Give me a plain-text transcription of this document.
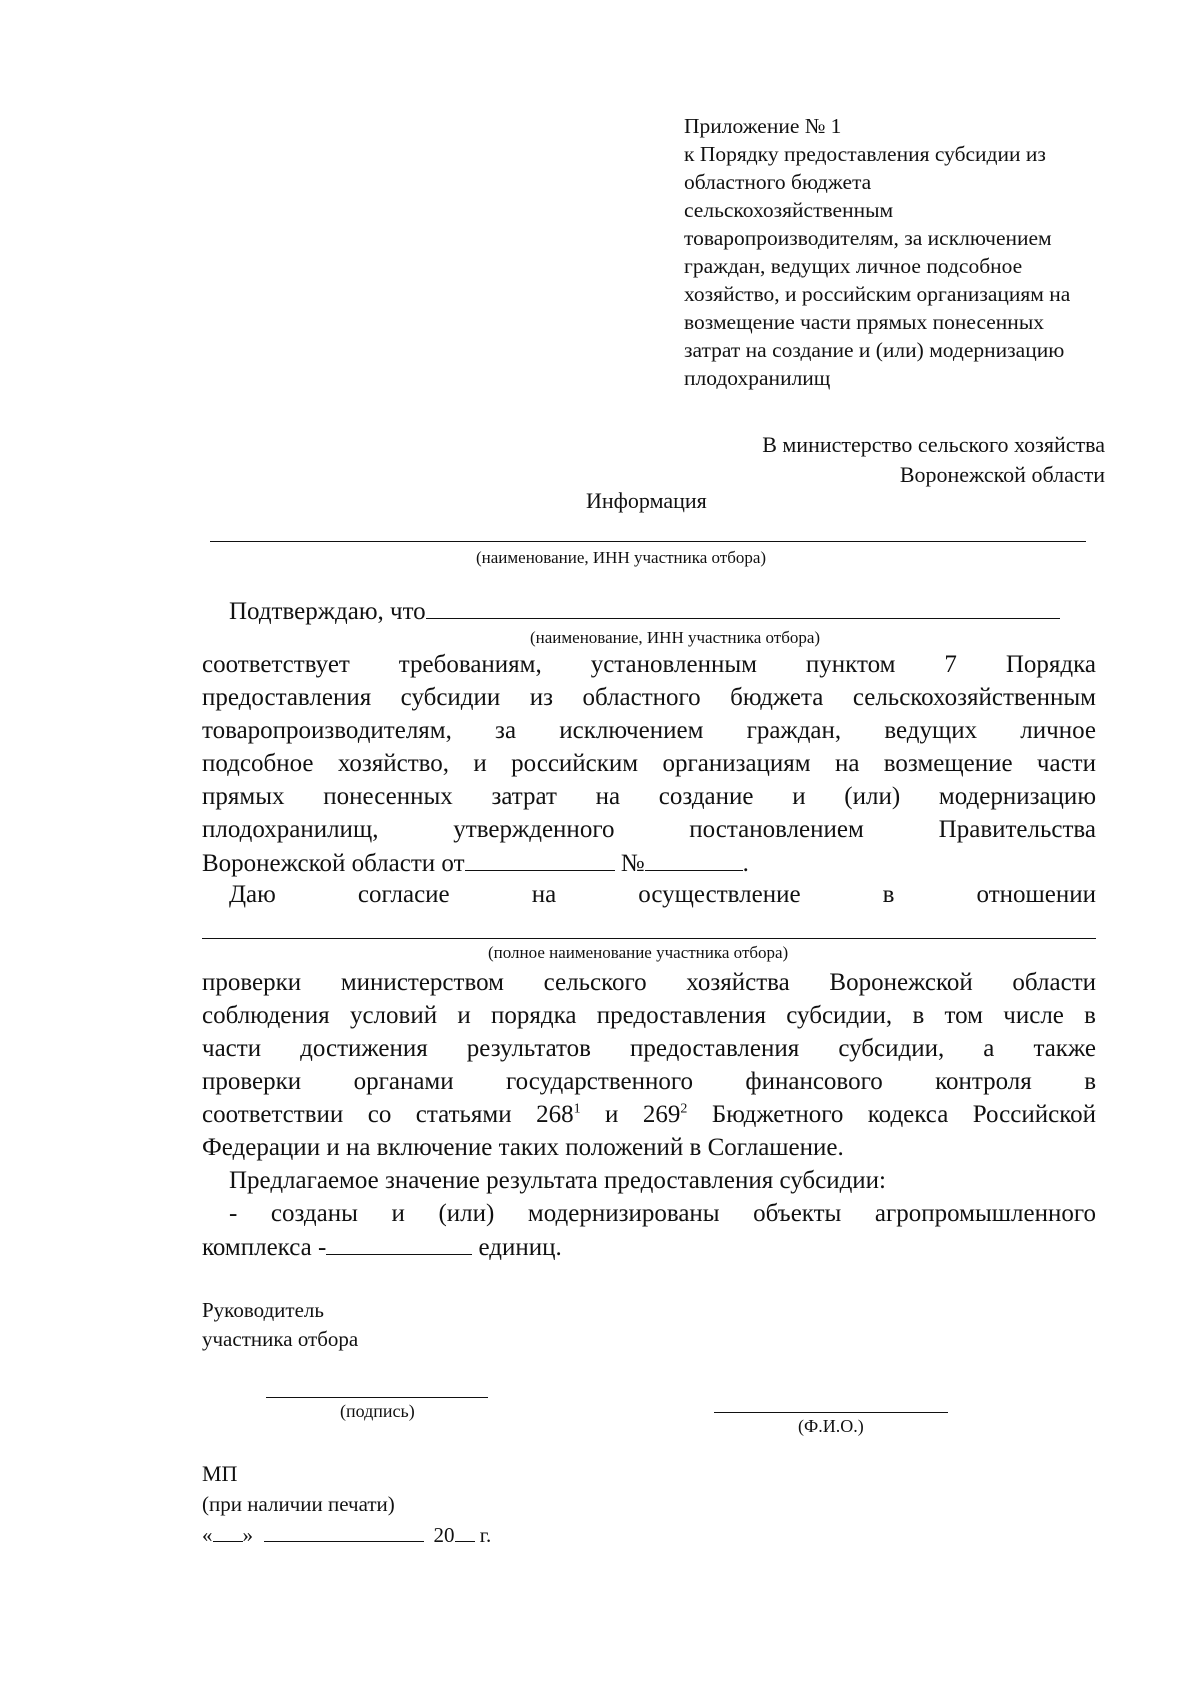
Приложение № 1
к Порядку предоставления субсидии из
областного бюджета
сельскохозяйственным
товаропроизводителям, за исключением
граждан, ведущих личное подсобное
хозяйство, и российским организациям на
возмещение части прямых понесенных
затрат на создание и (или) модернизацию
плодохранилищ
В министерство сельского хозяйства
Воронежской области
Информация
(наименование, ИНН участника отбора)
Подтверждаю, что
(наименование, ИНН участника отбора)
соответствует требованиям, установленным пунктом 7 Порядка
предоставления субсидии из областного бюджета сельскохозяйственным
товаропроизводителям, за исключением граждан, ведущих личное
подсобное хозяйство, и российским организациям на возмещение части
прямых понесенных затрат на создание и (или) модернизацию
плодохранилищ, утвержденного постановлением Правительства
Воронежской области от	№	.
Даю согласие на осуществление в отношении
(полное наименование участника отбора)
проверки министерством сельского хозяйства Воронежской области
соблюдения условий и порядка предоставления субсидии, в том числе в
части достижения результатов предоставления субсидии, а также
проверки органами государственного финансового контроля в
соответствии со статьями $268^1$ и $269^2$ Бюджетного кодекса Российской
Федерации и на включение таких положений в Соглашение.
Предлагаемое значение результата предоставления субсидии:
- созданы и (или) модернизированы объекты агропромышленного
комплекса -	единиц.
Руководитель
участника отбора
(подпись)
(Ф.И.О.)
МП
(при наличии печати)
« »	20 г.
